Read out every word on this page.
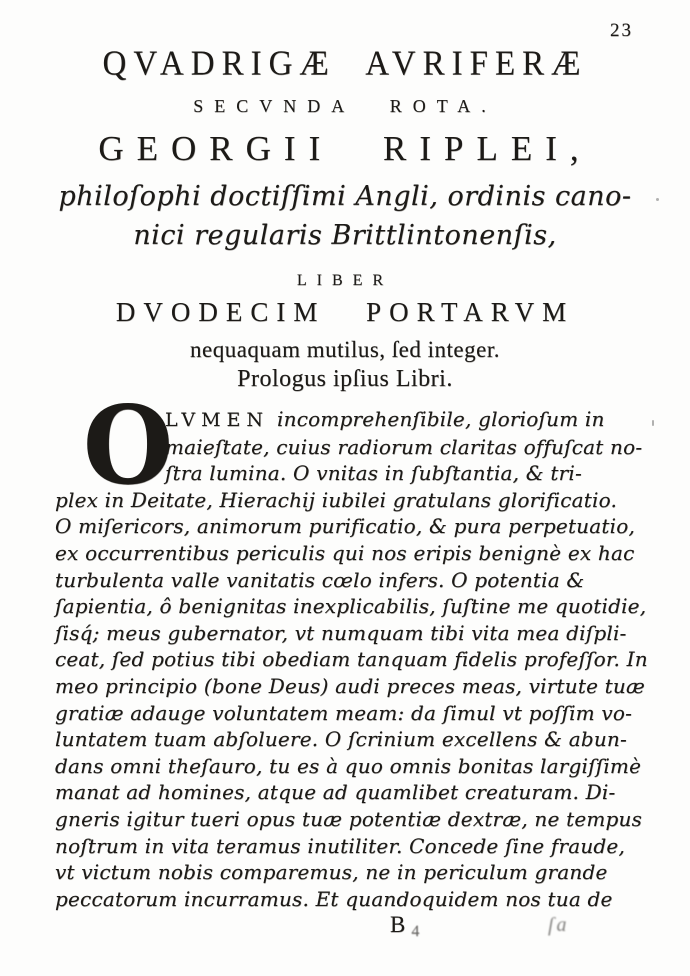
23
QVADRIGÆ AVRIFERÆ
SECVNDA ROTA.
GEORGII RIPLEI,
philoſophi doctiſſimi Angli, ordinis cano-
nici regularis Brittlintonenſis,
LIBER
DVODECIM PORTARVM
nequaquam mutilus, ſed integer.
Prologus ipſius Libri.
O
LVMEN incomprehenſibile, glorioſum in
maieſtate, cuius radiorum claritas offuſcat no-
ſtra lumina. O vnitas in ſubſtantia, & tri-
plex in Deitate, Hierachij iubilei gratulans glorificatio.
O miſericors, animorum purificatio, & pura perpetuatio,
ex occurrentibus periculis qui nos eripis benignè ex hac
turbulenta valle vanitatis cœlo infers. O potentia &
ſapientia, ô benignitas inexplicabilis, ſuſtine me quotidie,
ſisq́; meus gubernator, vt numquam tibi vita mea diſpli-
ceat, ſed potius tibi obediam tanquam fidelis profeſſor. In
meo principio (bone Deus) audi preces meas, virtute tuæ
gratiæ adauge voluntatem meam: da ſimul vt poſſim vo-
luntatem tuam abſoluere. O ſcrinium excellens & abun-
dans omni theſauro, tu es à quo omnis bonitas largiſſimè
manat ad homines, atque ad quamlibet creaturam. Di-
gneris igitur tueri opus tuæ potentiæ dextræ, ne tempus
noſtrum in vita teramus inutiliter. Concede ſine fraude,
vt victum nobis comparemus, ne in periculum grande
peccatorum incurramus. Et quandoquidem nos tua de
B 4	ſa
